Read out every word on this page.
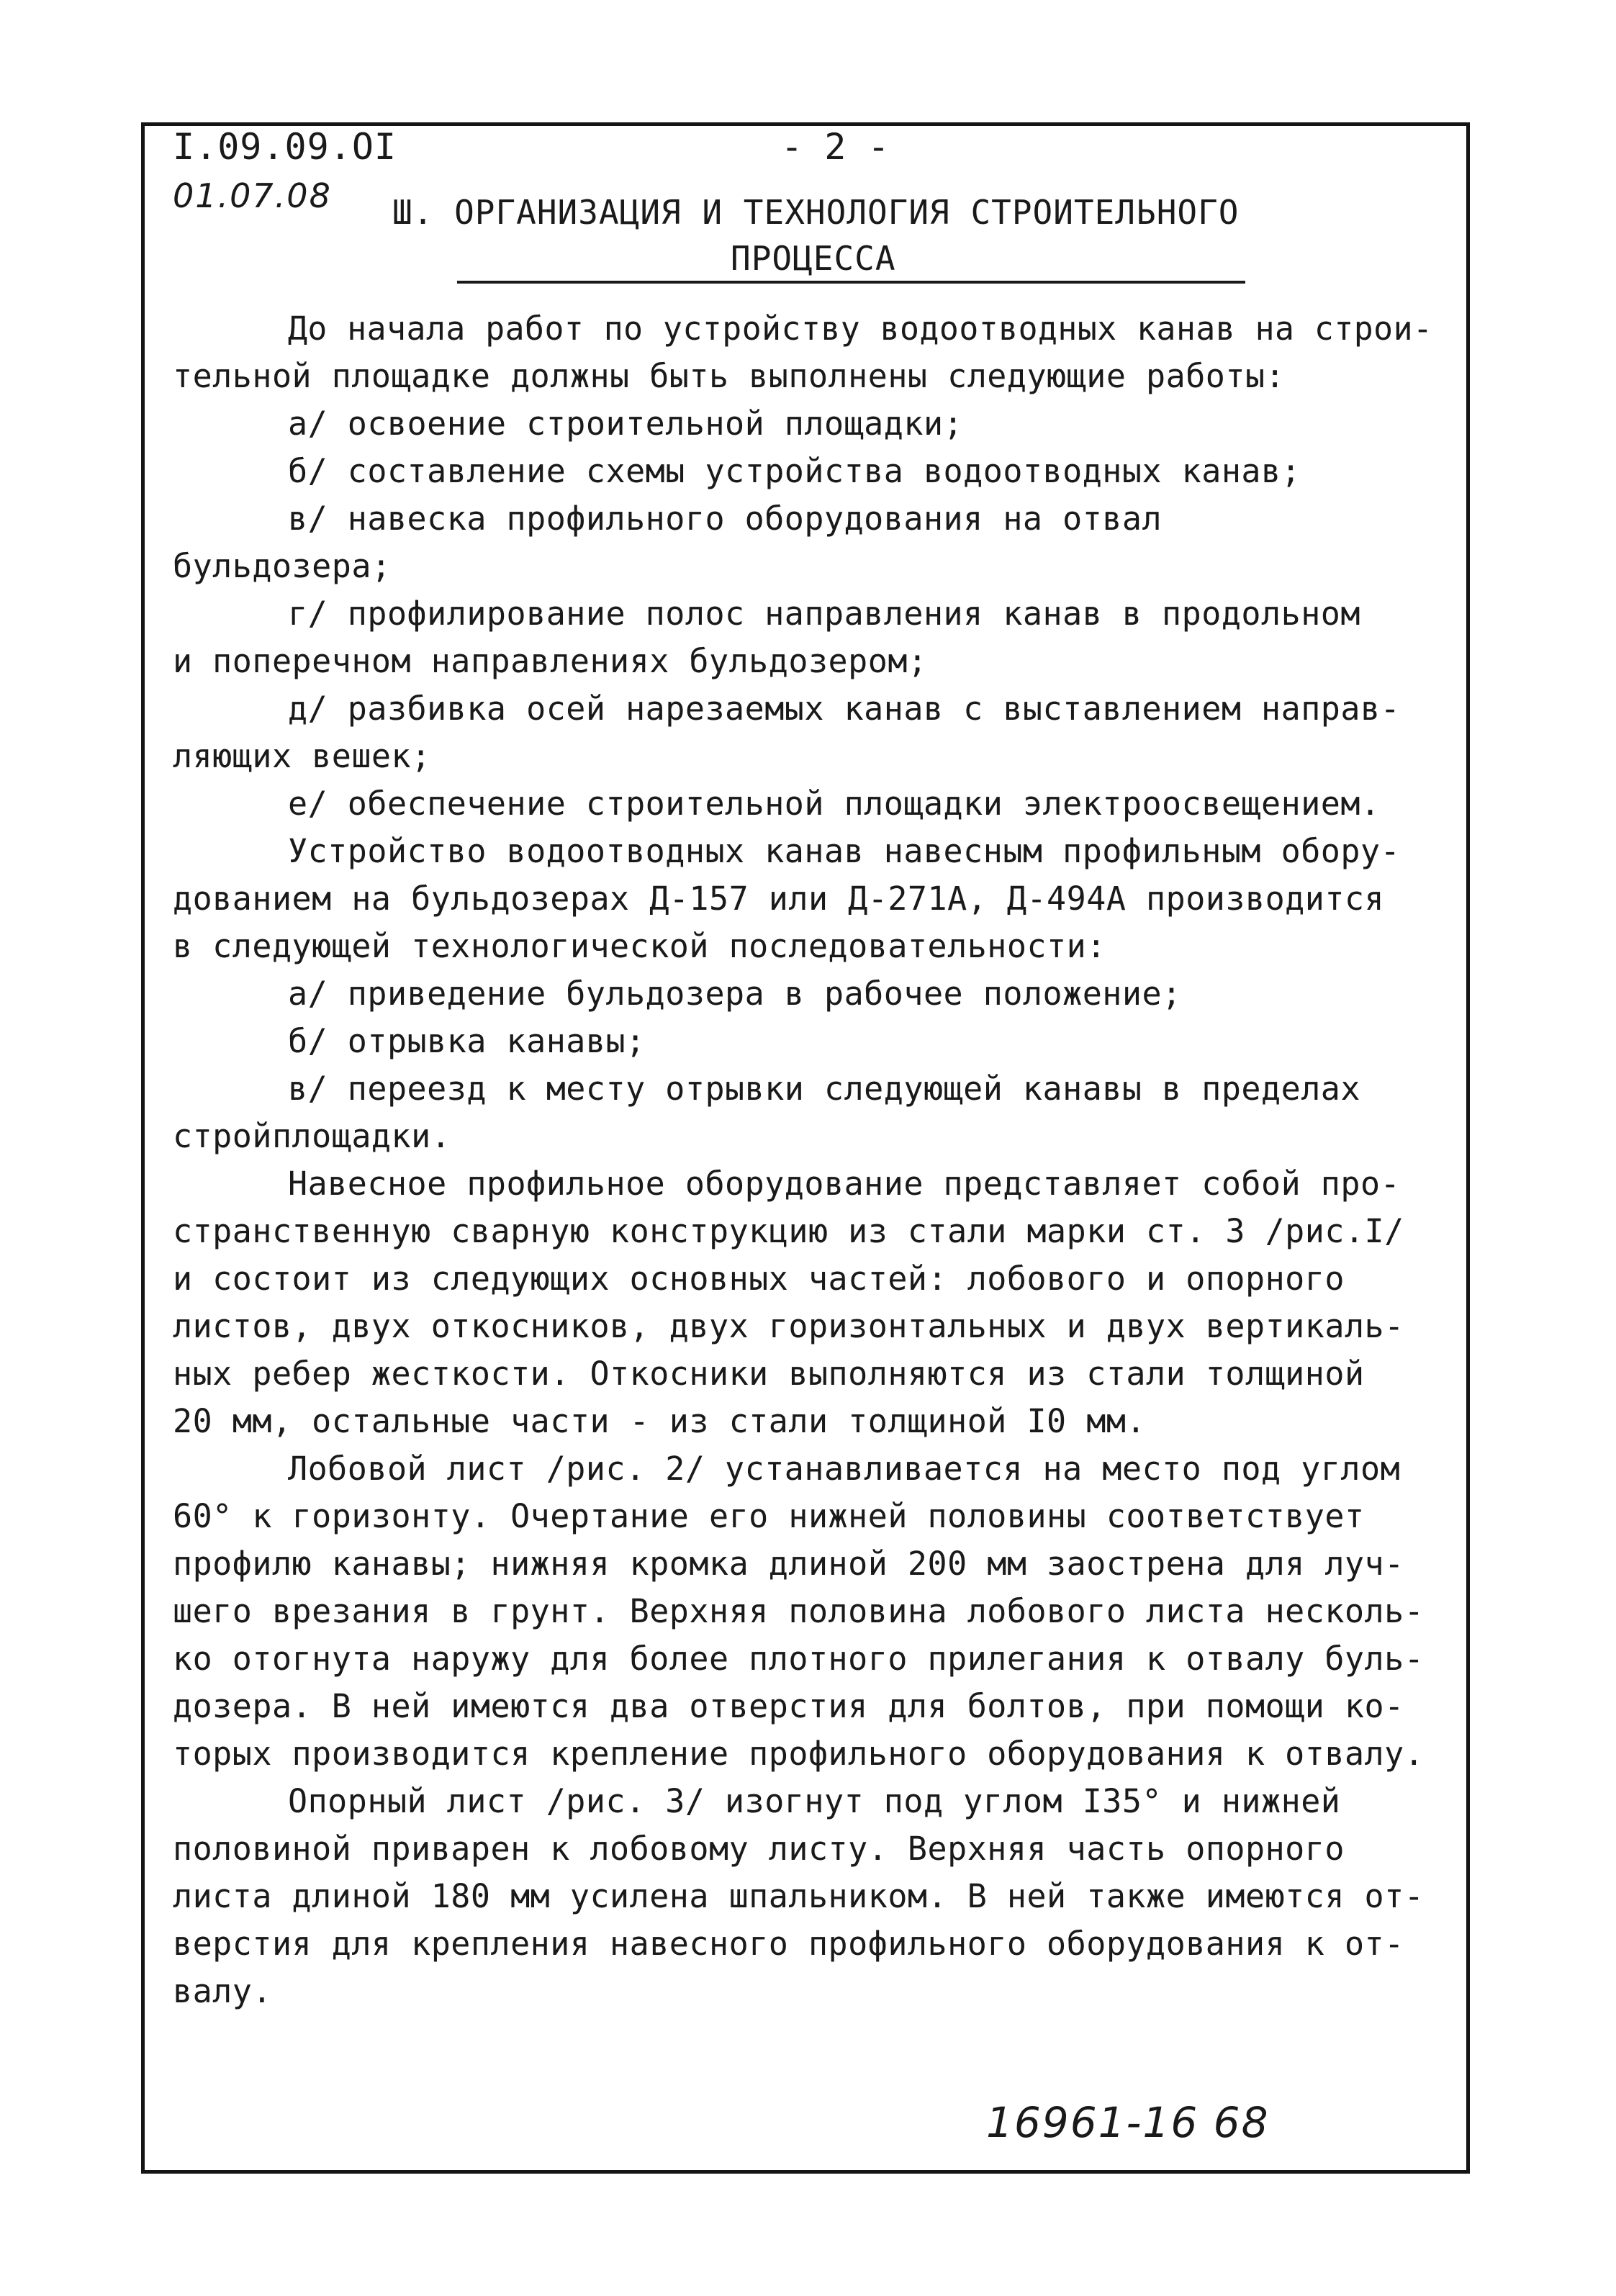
I.09.09.OI	- 2 -
01.07.08 Ш. ОРГАНИЗАЦИЯ И ТЕХНОЛОГИЯ СТРОИТЕЛЬНОГО
ПРОЦЕССА
До начала работ по устройству водоотводных канав на строи-
тельной площадке должны быть выполнены следующие работы:
а/ освоение строительной площадки;
б/ составление схемы устройства водоотводных канав;
в/ навеска профильного оборудования на отвал
бульдозера;
г/ профилирование полос направления канав в продольном
и поперечном направлениях бульдозером;
д/ разбивка осей нарезаемых канав с выставлением направ-
ляющих вешек;
е/ обеспечение строительной площадки электроосвещением.
Устройство водоотводных канав навесным профильным обору-
дованием на бульдозерах Д-157 или Д-271А, Д-494А производится
в следующей технологической последовательности:
а/ приведение бульдозера в рабочее положение;
б/ отрывка канавы;
в/ переезд к месту отрывки следующей канавы в пределах
стройплощадки.
Навесное профильное оборудование представляет собой про-
странственную сварную конструкцию из стали марки ст. 3 /рис.I/
и состоит из следующих основных частей: лобового и опорного
листов, двух откосников, двух горизонтальных и двух вертикаль-
ных ребер жесткости. Откосники выполняются из стали толщиной
20 мм, остальные части - из стали толщиной I0 мм.
Лобовой лист /рис. 2/ устанавливается на место под углом
60° к горизонту. Очертание его нижней половины соответствует
профилю канавы; нижняя кромка длиной 200 мм заострена для луч-
шего врезания в грунт. Верхняя половина лобового листа несколь-
ко отогнута наружу для более плотного прилегания к отвалу буль-
дозера. В ней имеются два отверстия для болтов, при помощи ко-
торых производится крепление профильного оборудования к отвалу.
Опорный лист /рис. 3/ изогнут под углом I35° и нижней
половиной приварен к лобовому листу. Верхняя часть опорного
листа длиной 180 мм усилена шпальником. В ней также имеются от-
верстия для крепления навесного профильного оборудования к от-
валу.
16961-16 68
